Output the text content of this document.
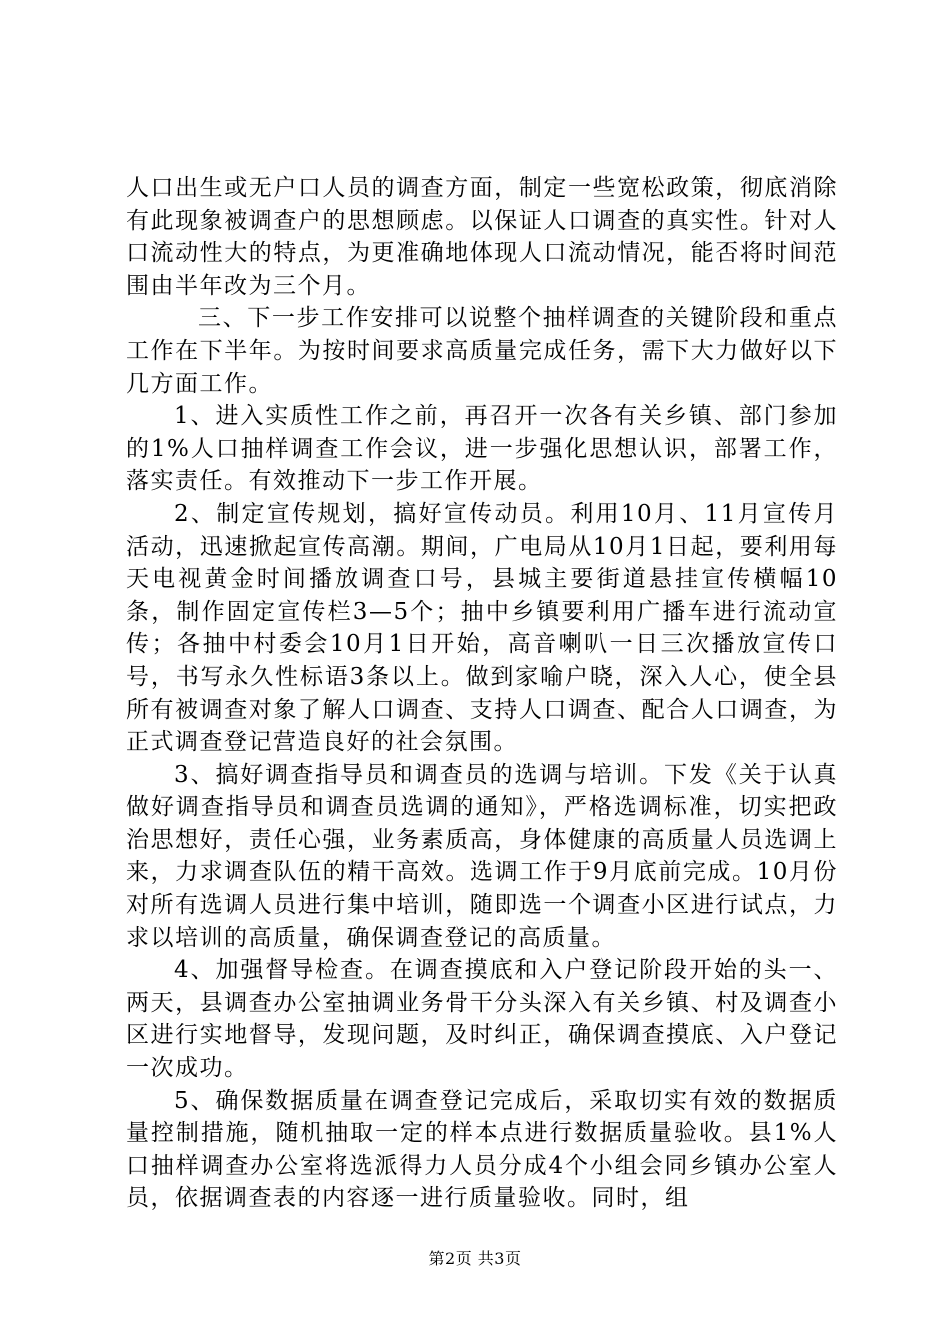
人口出生或无户口人员的调查方面，制定一些宽松政策，彻底消除有此现象被调查户的思想顾虑。以保证人口调查的真实性。针对人口流动性大的特点，为更准确地体现人口流动情况，能否将时间范围由半年改为三个月。

三、下一步工作安排可以说整个抽样调查的关键阶段和重点工作在下半年。为按时间要求高质量完成任务，需下大力做好以下几方面工作。

1、进入实质性工作之前，再召开一次各有关乡镇、部门参加的1%人口抽样调查工作会议，进一步强化思想认识，部署工作，落实责任。有效推动下一步工作开展。

2、制定宣传规划，搞好宣传动员。利用10月、11月宣传月活动，迅速掀起宣传高潮。期间，广电局从10月1日起，要利用每天电视黄金时间播放调查口号，县城主要街道悬挂宣传横幅10条，制作固定宣传栏3—5个；抽中乡镇要利用广播车进行流动宣传；各抽中村委会10月1日开始，高音喇叭一日三次播放宣传口号，书写永久性标语3条以上。做到家喻户晓，深入人心，使全县所有被调查对象了解人口调查、支持人口调查、配合人口调查，为正式调查登记营造良好的社会氛围。

3、搞好调查指导员和调查员的选调与培训。下发《关于认真做好调查指导员和调查员选调的通知》，严格选调标准，切实把政治思想好，责任心强，业务素质高，身体健康的高质量人员选调上来，力求调查队伍的精干高效。选调工作于9月底前完成。10月份对所有选调人员进行集中培训，随即选一个调查小区进行试点，力求以培训的高质量，确保调查登记的高质量。

4、加强督导检查。在调查摸底和入户登记阶段开始的头一、两天，县调查办公室抽调业务骨干分头深入有关乡镇、村及调查小区进行实地督导，发现问题，及时纠正，确保调查摸底、入户登记一次成功。

5、确保数据质量在调查登记完成后，采取切实有效的数据质量控制措施，随机抽取一定的样本点进行数据质量验收。县1%人口抽样调查办公室将选派得力人员分成4个小组会同乡镇办公室人员，依据调查表的内容逐一进行质量验收。同时，组

第2页 共3页
